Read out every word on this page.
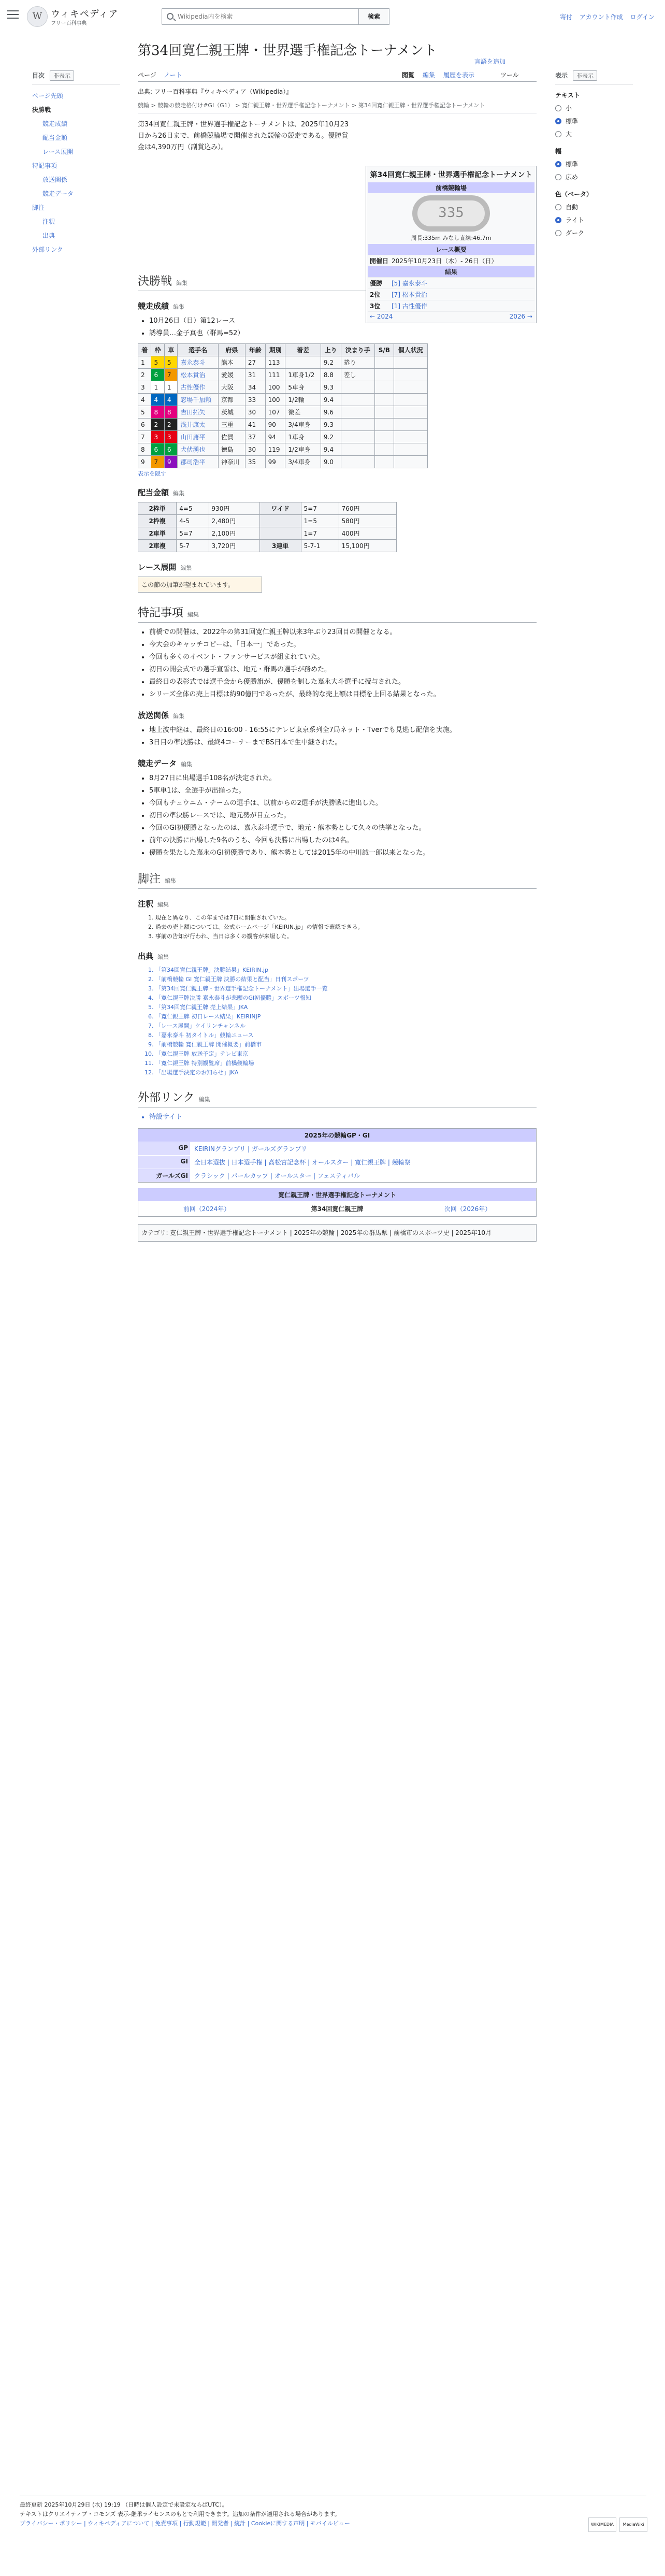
W ウィキペディア
フリー百科事典
Wikipedia内を検索
検索	寄付 アカウント作成 ログイン
目次 非表示
ページ先頭
決勝戦
競走成績
配当金額
レース展開
特記事項
放送関係
競走データ
脚注
注釈
出典
外部リンク
第34回寛仁親王牌・世界選手権記念トーナメント
言語を追加
ページ ノート	閲覧 編集 履歴を表示	ツール
出典: フリー百科事典『ウィキペディア（Wikipedia）』
競輪 > 競輪の競走格付け#GI（G1） > 寛仁親王牌・世界選手権記念トーナメント > 第34回寛仁親王牌・世界選手権記念トーナメント
第34回寛仁親王牌・世界選手権記念トーナメントは、2025年10月23日から26日まで、前橋競輪場で開催された競輪の競走である。優勝賞金は4,390万円（副賞込み）。
第34回寛仁親王牌・世界選手権記念トーナメント
前橋競輪場
335
周長:335m みなし直線:46.7m
レース概要
開催日 2025年10月23日（木）- 26日（日）
結果
優勝	[5] 嘉永泰斗
2位	[7] 松本貴治
3位	[1] 古性優作
← 2024	2026 →
決勝戦 編集
競走成績 編集
• 10月26日（日）第12レース
• 誘導員…金子真也（群馬=52）
着	枠	車	選手名	府県	年齢	期別	着差	上り	決まり手	S/B	個人状況
1	5	5	嘉永泰斗	熊本	27	113		9.2	捲り		
2	6	7	松本貴治	愛媛	31	111	1車身1/2	8.8	差し		
3	1	1	古性優作	大阪	34	100	5車身	9.3			
4	4	4	窓場千加頼	京都	33	100	1/2輪	9.4			
5	8	8	吉田拓矢	茨城	30	107	微差	9.6			
6	2	2	浅井康太	三重	41	90	3/4車身	9.3			
7	3	3	山田庸平	佐賀	37	94	1車身	9.2			
8	6	6	犬伏湧也	徳島	30	119	1/2車身	9.4			
9	7	9	郡司浩平	神奈川	35	99	3/4車身	9.0			
表示を隠す
配当金額 編集
2枠単	4=5	930円	ワイド	5=7	760円
2枠複	4-5	2,480円		1=5	580円
2車単	5=7	2,100円		1=7	400円
2車複	5-7	3,720円	3連単	5-7-1	15,100円
レース展開 編集
この節の加筆が望まれています。
特記事項 編集
• 前橋での開催は、2022年の第31回寛仁親王牌以来3年ぶり23回目の開催となる。
• 今大会のキャッチコピーは、「日本一」であった。
• 今回も多くのイベント・ファンサービスが組まれていた。
• 初日の開会式での選手宣誓は、地元・群馬の選手が務めた。
• 最終日の表彰式では選手会から優勝旗が、優勝を制した嘉永大斗選手に授与された。
• シリーズ全体の売上目標は約90億円であったが、最終的な売上額は目標を上回る結果となった。
放送関係 編集
• 地上波中継は、最終日の16:00 - 16:55にテレビ東京系列全7局ネット・Tverでも見逃し配信を実施。
• 3日目の準決勝は、最終4コーナーまでBS日本で生中継された。
競走データ 編集
• 8月27日に出場選手108名が決定された。
• 5車単1は、全選手が出揃った。
• 今回もチュウニム・チームの選手は、以前からの2選手が決勝戦に進出した。
• 初日の準決勝レースでは、地元勢が目立った。
• 今回のGI初優勝となったのは、嘉永泰斗選手で、地元・熊本勢として久々の快挙となった。
• 前年の決勝に出場した9名のうち、今回も決勝に出場したのは4名。
• 優勝を果たした嘉永のGI初優勝であり、熊本勢としては2015年の中川誠一郎以来となった。
脚注 編集
注釈 編集
1. 現在と異なり、この年までは7日に開催されていた。
2. 過去の売上額については、公式ホームページ「KEIRIN.jp」の情報で確認できる。
3. 事前の告知が行われ、当日は多くの観客が来場した。
出典 編集
1. 「第34回寛仁親王牌」決勝結果」KEIRIN.jp
2. 「前橋競輪 GI 寛仁親王牌 決勝の結果と配当」日刊スポーツ
3. 「第34回寛仁親王牌・世界選手権記念トーナメント」出場選手一覧
4. 「寛仁親王牌決勝 嘉永泰斗が悲願のGI初優勝」スポーツ報知
5. 「第34回寛仁親王牌 売上結果」JKA
6. 「寛仁親王牌 初日レース結果」KEIRINJP
7. 「レース展開」ケイリンチャンネル
8. 「嘉永泰斗 初タイトル」競輪ニュース
9. 「前橋競輪 寛仁親王牌 開催概要」前橋市
10. 「寛仁親王牌 放送予定」テレビ東京
11. 「寛仁親王牌 特別観覧席」前橋競輪場
12. 「出場選手決定のお知らせ」JKA
外部リンク 編集
• 特設サイト
2025年の競輪GP・GI
GP	KEIRINグランプリ | ガールズグランプリ
GI	全日本選抜 | 日本選手権 | 高松宮記念杯 | オールスター | 寛仁親王牌 | 競輪祭
ガールズGI	クラシック | パールカップ | オールスター | フェスティバル
寛仁親王牌・世界選手権記念トーナメント
前回（2024年）	第34回寛仁親王牌	次回（2026年）
カテゴリ: 寛仁親王牌・世界選手権記念トーナメント | 2025年の競輪 | 2025年の群馬県 | 前橋市のスポーツ史 | 2025年10月
表示 非表示
テキスト
小
標準
大
幅
標準
広め
色（ベータ）
自動
ライト
ダーク
最終更新 2025年10月29日 (水) 19:19 （日時は個人設定で未設定ならばUTC）。
テキストはクリエイティブ・コモンズ 表示-継承ライセンスのもとで利用できます。追加の条件が適用される場合があります。
プライバシー・ポリシー | ウィキペディアについて | 免責事項 | 行動規範 | 開発者 | 統計 | Cookieに関する声明 | モバイルビュー	WIKIMEDIA	MediaWiki
